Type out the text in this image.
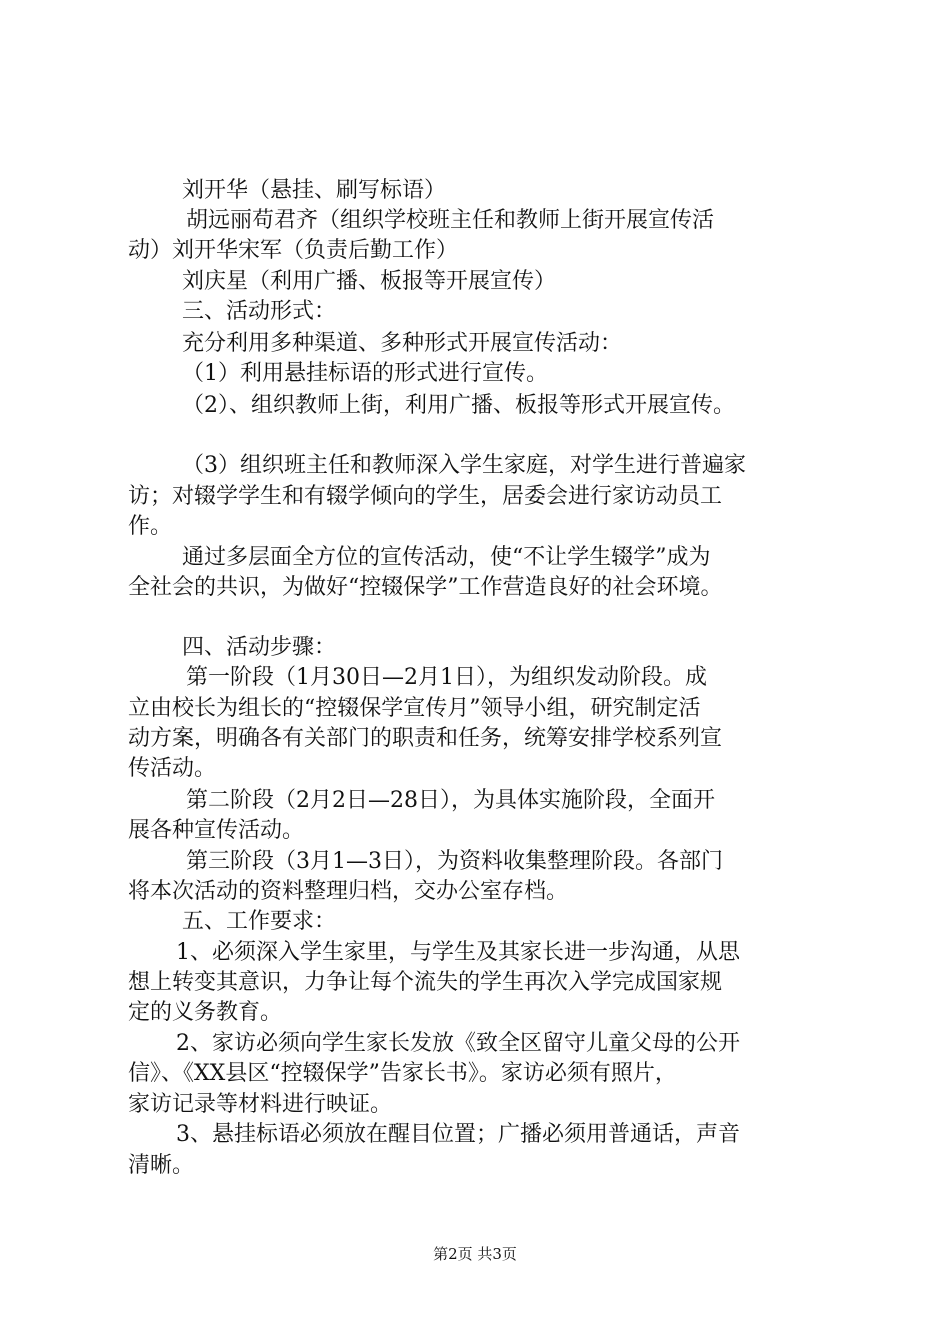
刘开华（悬挂、刷写标语）
胡远丽苟君齐（组织学校班主任和教师上街开展宣传活
动）刘开华宋军（负责后勤工作）
刘庆星（利用广播、板报等开展宣传）
三、活动形式：
充分利用多种渠道、多种形式开展宣传活动：
（1）利用悬挂标语的形式进行宣传。
（2）、组织教师上街，利用广播、板报等形式开展宣传。
（3）组织班主任和教师深入学生家庭，对学生进行普遍家
访；对辍学学生和有辍学倾向的学生，居委会进行家访动员工
作。
通过多层面全方位的宣传活动，使“不让学生辍学”成为
全社会的共识，为做好“控辍保学”工作营造良好的社会环境。
四、活动步骤：
第一阶段（1月30日—2月1日），为组织发动阶段。成
立由校长为组长的“控辍保学宣传月”领导小组，研究制定活
动方案，明确各有关部门的职责和任务，统筹安排学校系列宣
传活动。
第二阶段（2月2日—28日），为具体实施阶段，全面开
展各种宣传活动。
第三阶段（3月1—3日），为资料收集整理阶段。各部门
将本次活动的资料整理归档，交办公室存档。
五、工作要求：
1、必须深入学生家里，与学生及其家长进一步沟通，从思
想上转变其意识，力争让每个流失的学生再次入学完成国家规
定的义务教育。
2、家访必须向学生家长发放《致全区留守儿童父母的公开
信》、《XX县区“控辍保学”告家长书》。家访必须有照片，
家访记录等材料进行映证。
3、悬挂标语必须放在醒目位置；广播必须用普通话，声音
清晰。
第2页 共3页
